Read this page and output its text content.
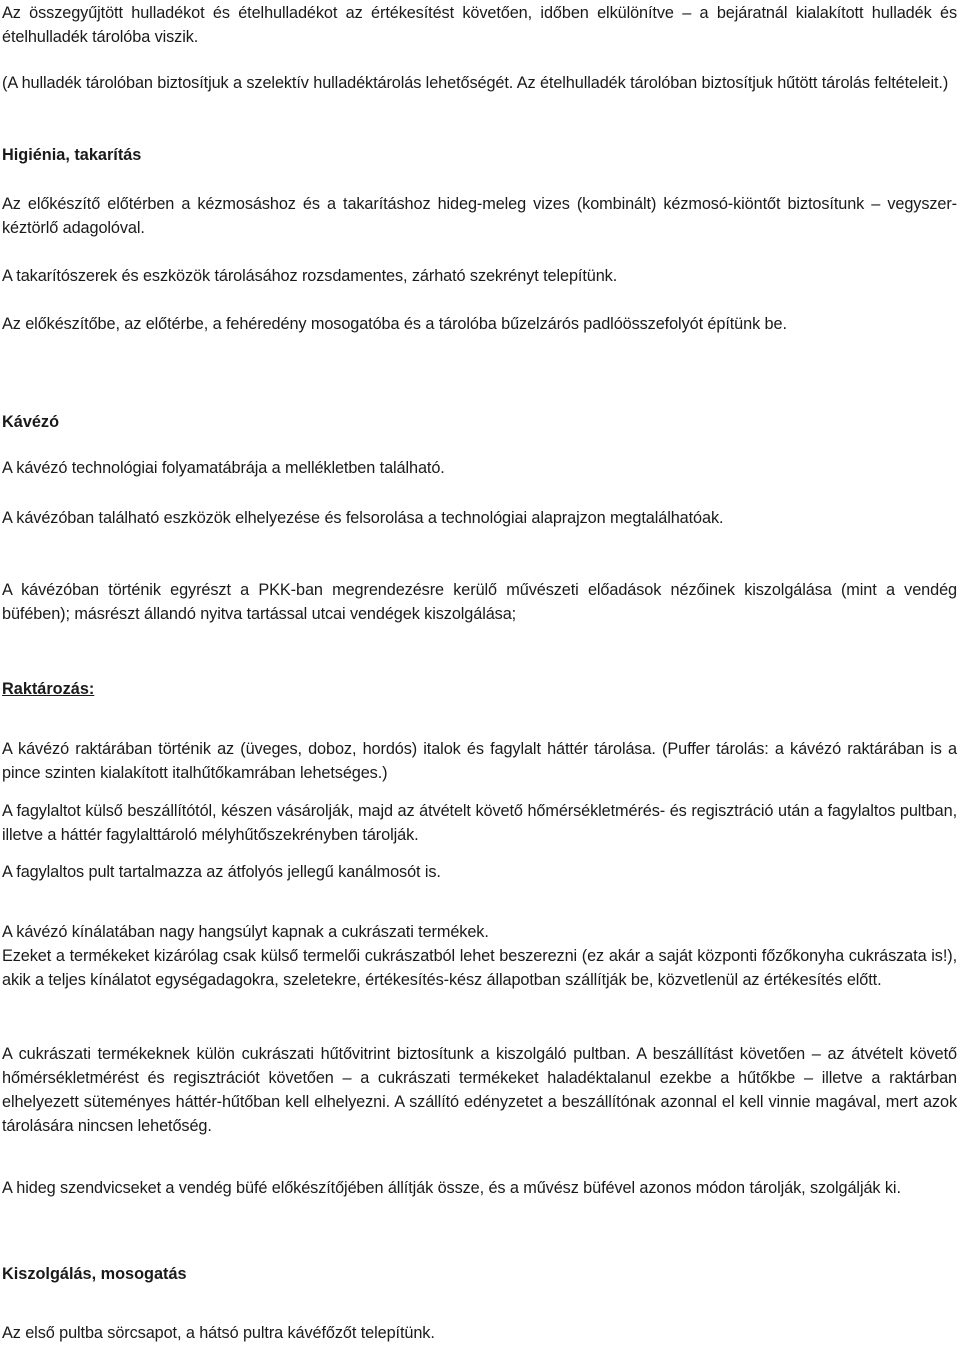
Az összegyűjtött hulladékot és ételhulladékot az értékesítést követően, időben elkülönítve – a bejáratnál kialakított hulladék és ételhulladék tárolóba viszik.

(A hulladék tárolóban biztosítjuk a szelektív hulladéktárolás lehetőségét. Az ételhulladék tárolóban biztosítjuk hűtött tárolás feltételeit.)

Higiénia, takarítás

Az előkészítő előtérben a kézmosáshoz és a takarításhoz hideg-meleg vizes (kombinált) kézmosó-kiöntőt biztosítunk – vegyszer- kéztörlő adagolóval.

A takarítószerek és eszközök tárolásához rozsdamentes, zárható szekrényt telepítünk.

Az előkészítőbe, az előtérbe, a fehéredény mosogatóba és a tárolóba bűzelzárós padlóösszefolyót építünk be.

Kávézó

A kávézó technológiai folyamatábrája a mellékletben található.

A kávézóban található eszközök elhelyezése és felsorolása a technológiai alaprajzon megtalálhatóak.

A kávézóban történik egyrészt a PKK-ban megrendezésre kerülő művészeti előadások nézőinek kiszolgálása (mint a vendég büfében); másrészt állandó nyitva tartással utcai vendégek kiszolgálása;

Raktározás:

A kávézó raktárában történik az (üveges, doboz, hordós) italok és fagylalt háttér tárolása. (Puffer tárolás: a kávézó raktárában is a pince szinten kialakított italhűtőkamrában lehetséges.)

A fagylaltot külső beszállítótól, készen vásárolják, majd az átvételt követő hőmérsékletmérés- és regisztráció után a fagylaltos pultban, illetve a háttér fagylalttároló mélyhűtőszekrényben tárolják.

A fagylaltos pult tartalmazza az átfolyós jellegű kanálmosót is.

A kávézó kínálatában nagy hangsúlyt kapnak a cukrászati termékek.

Ezeket a termékeket kizárólag csak külső termelői cukrászatból lehet beszerezni (ez akár a saját központi főzőkonyha cukrászata is!), akik a teljes kínálatot egységadagokra, szeletekre, értékesítés-kész állapotban szállítják be, közvetlenül az értékesítés előtt.

A cukrászati termékeknek külön cukrászati hűtővitrint biztosítunk a kiszolgáló pultban. A beszállítást követően – az átvételt követő hőmérsékletmérést és regisztrációt követően – a cukrászati termékeket haladéktalanul ezekbe a hűtőkbe – illetve a raktárban elhelyezett süteményes háttér-hűtőban kell elhelyezni. A szállító edényzetet a beszállítónak azonnal el kell vinnie magával, mert azok tárolására nincsen lehetőség.

A hideg szendvicseket a vendég büfé előkészítőjében állítják össze, és a művész büfével azonos módon tárolják, szolgálják ki.

Kiszolgálás, mosogatás

Az első pultba sörcsapot, a hátsó pultra kávéfőzőt telepítünk.
